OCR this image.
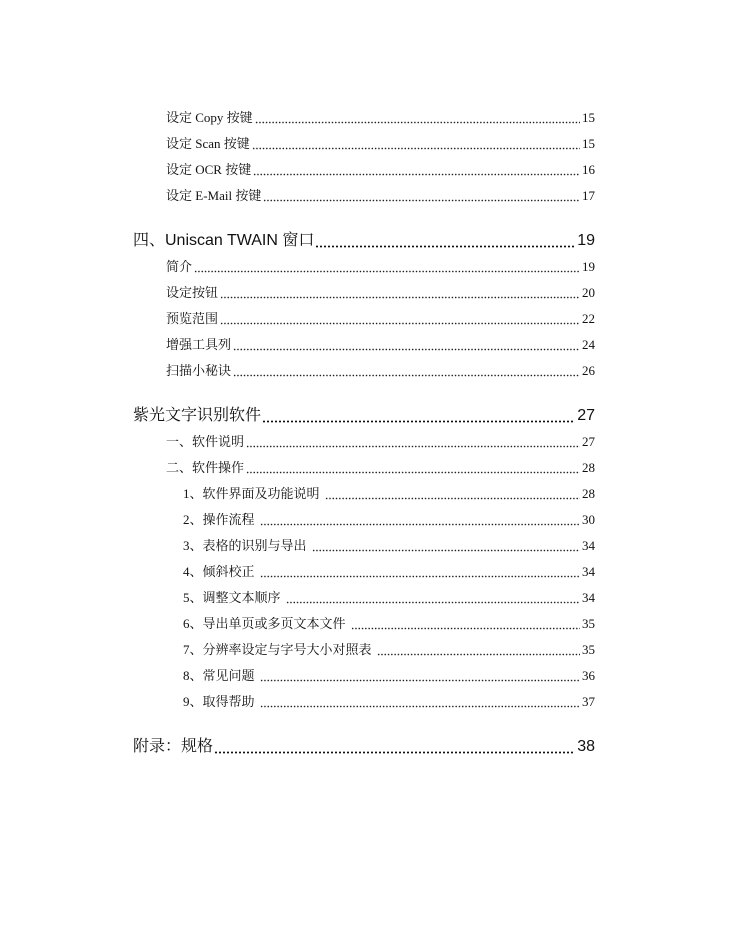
设定 Copy 按键	15
设定 Scan 按键	15
设定 OCR 按键	16
设定 E-Mail 按键	17
四、Uniscan TWAIN 窗口	19
简介	19
设定按钮	20
预览范围	22
增强工具列	24
扫描小秘诀	26
紫光文字识别软件	27
一、软件说明	27
二、软件操作	28
1、软件界面及功能说明	28
2、操作流程	30
3、表格的识别与导出	34
4、倾斜校正	34
5、调整文本顺序	34
6、导出单页或多页文本文件	35
7、分辨率设定与字号大小对照表	35
8、常见问题	36
9、取得帮助	37
附录：规格	38
